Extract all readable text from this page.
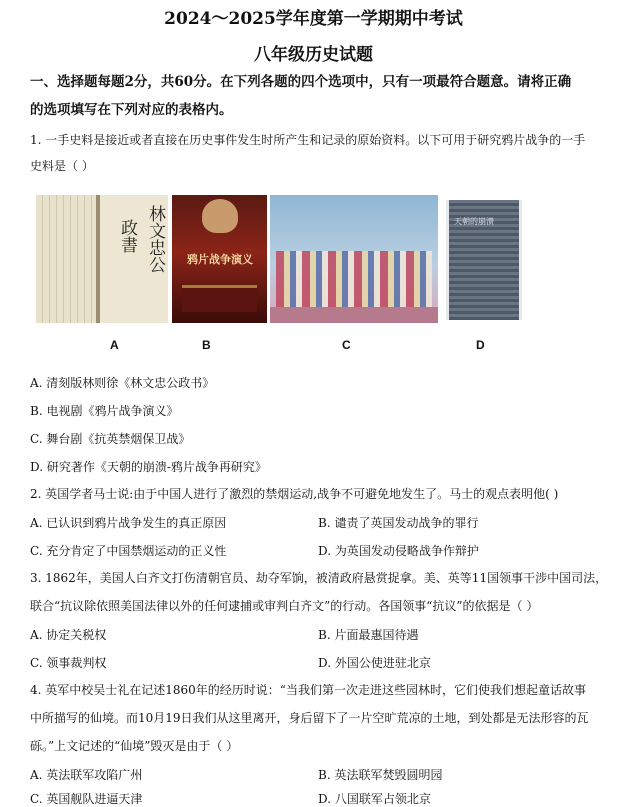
2024～2025学年度第一学期期中考试
八年级历史试题
一、选择题每题2分，共60分。在下列各题的四个选项中，只有一项最符合题意。请将正确
的选项填写在下列对应的表格内。
1. 一手史料是接近或者直接在历史事件发生时所产生和记录的原始资料。以下可用于研究鸦片战争的一手
史料是（ ）
林文忠公
政書
鸦片战争演义
天朝的崩溃
A	B	C	D
A. 清刻版林则徐《林文忠公政书》
B. 电视剧《鸦片战争演义》
C. 舞台剧《抗英禁烟保卫战》
D. 研究著作《天朝的崩溃-鸦片战争再研究》
2. 英国学者马士说:由于中国人进行了激烈的禁烟运动,战争不可避免地发生了。马士的观点表明他( )
A. 已认识到鸦片战争发生的真正原因	B. 谴责了英国发动战争的罪行
C. 充分肯定了中国禁烟运动的正义性	D. 为英国发动侵略战争作辩护
3. 1862年，美国人白齐文打伤清朝官员、劫夺军饷，被清政府悬赏捉拿。美、英等11国领事干涉中国司法，
联合“抗议除依照美国法律以外的任何逮捕或审判白齐文”的行动。各国领事“抗议”的依据是（ ）
A. 协定关税权	B. 片面最惠国待遇
C. 领事裁判权	D. 外国公使进驻北京
4. 英军中校吴士礼在记述1860年的经历时说：“当我们第一次走进这些园林时，它们使我们想起童话故事
中所描写的仙境。而10月19日我们从这里离开，身后留下了一片空旷荒凉的土地，到处都是无法形容的瓦
砾。”上文记述的“仙境”毁灭是由于（ ）
A. 英法联军攻陷广州	B. 英法联军焚毁圆明园
C. 英国舰队进逼天津	D. 八国联军占领北京
